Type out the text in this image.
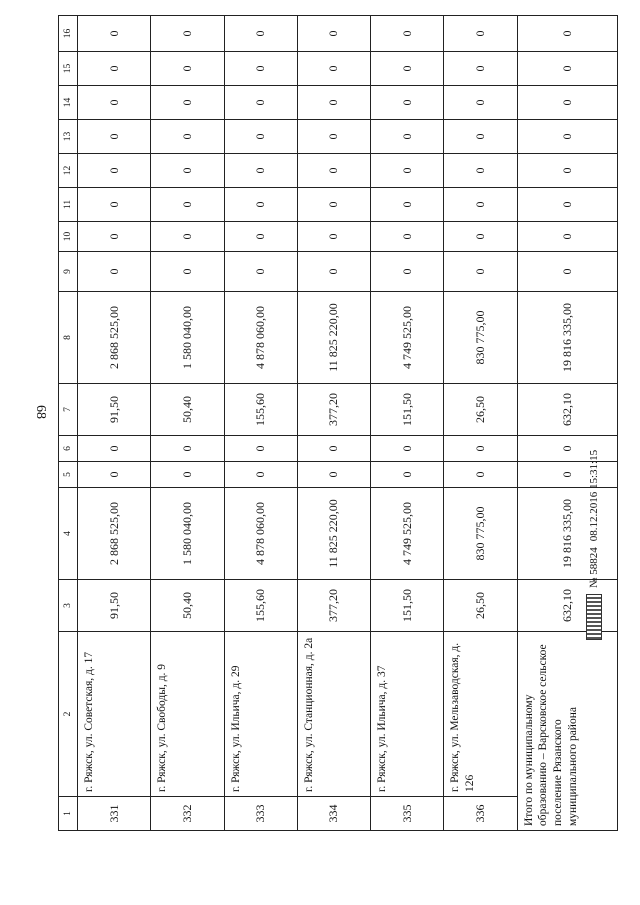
68
1	2	3	4	5	6	7	8	9	10	11	12	13	14	15	16
331	г. Ряжск, ул. Советская, д. 17	91,50	2 868 525,00	0	0	91,50	2 868 525,00	0	0	0	0	0	0	0	0
332	г. Ряжск, ул. Свободы, д. 9	50,40	1 580 040,00	0	0	50,40	1 580 040,00	0	0	0	0	0	0	0	0
333	г. Ряжск, ул. Ильича, д. 29	155,60	4 878 060,00	0	0	155,60	4 878 060,00	0	0	0	0	0	0	0	0
334	г. Ряжск, ул. Станционная, д. 2а	377,20	11 825 220,00	0	0	377,20	11 825 220,00	0	0	0	0	0	0	0	0
335	г. Ряжск, ул. Ильича, д. 37	151,50	4 749 525,00	0	0	151,50	4 749 525,00	0	0	0	0	0	0	0	0
336	г. Ряжск, ул. Мельзаводская, д. 126	26,50	830 775,00	0	0	26,50	830 775,00	0	0	0	0	0	0	0	0
Итого по муниципальному образованию – Варсковское сельское поселение Рязанского муниципального района		632,10	19 816 335,00	0	0	632,10	19 816 335,00	0	0	0	0	0	0	0	0
№ 58824
08.12.2016 15:31:15
